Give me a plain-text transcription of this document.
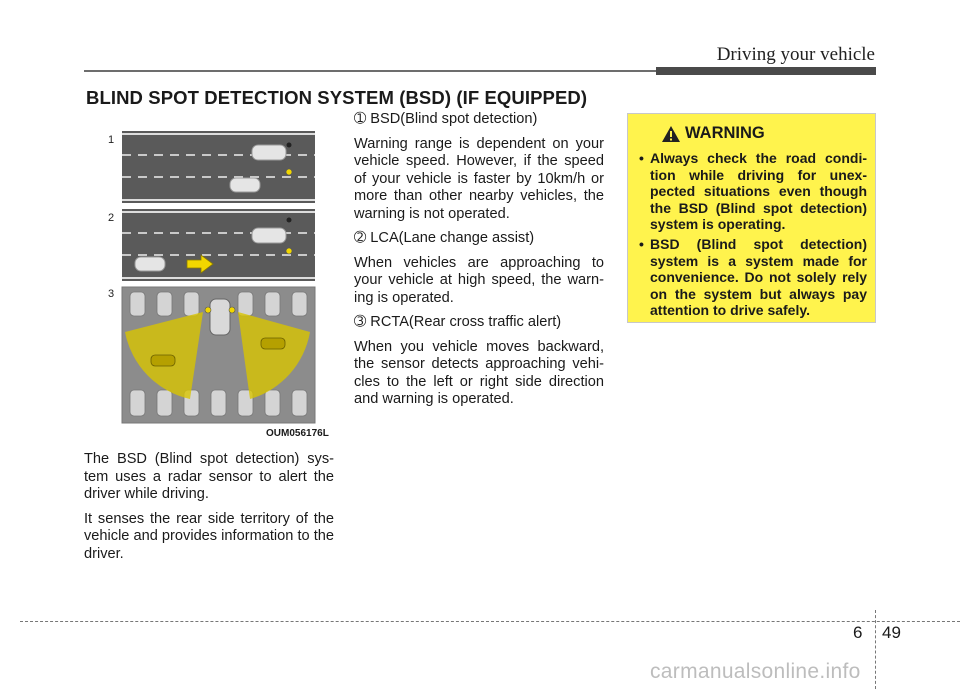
Driving your vehicle
BLIND SPOT DETECTION SYSTEM (BSD) (IF EQUIPPED)
1
2
3
OUM056176L

The BSD (Blind spot detection) sys-tem uses a radar sensor to alert the driver while driving.

It senses the rear side territory of the vehicle and provides information to the driver.

➀ BSD(Blind spot detection)

Warning range is dependent on your vehicle speed. However, if the speed of your vehicle is faster by 10km/h or more than other nearby vehicles, the warning is not operated.

➁ LCA(Lane change assist)

When vehicles are approaching to your vehicle at high speed, the warn-ing is operated.

➂ RCTA(Rear cross traffic alert)

When you vehicle moves backward, the sensor detects approaching vehi-cles to the left or right side direction and warning is operated.

WARNING
• Always check the road condi-tion while driving for unex-pected situations even though the BSD (Blind spot detection) system is operating.
• BSD (Blind spot detection) system is a system made for convenience. Do not solely rely on the system but always pay attention to drive safely.
6 49
carmanualsonline.info
